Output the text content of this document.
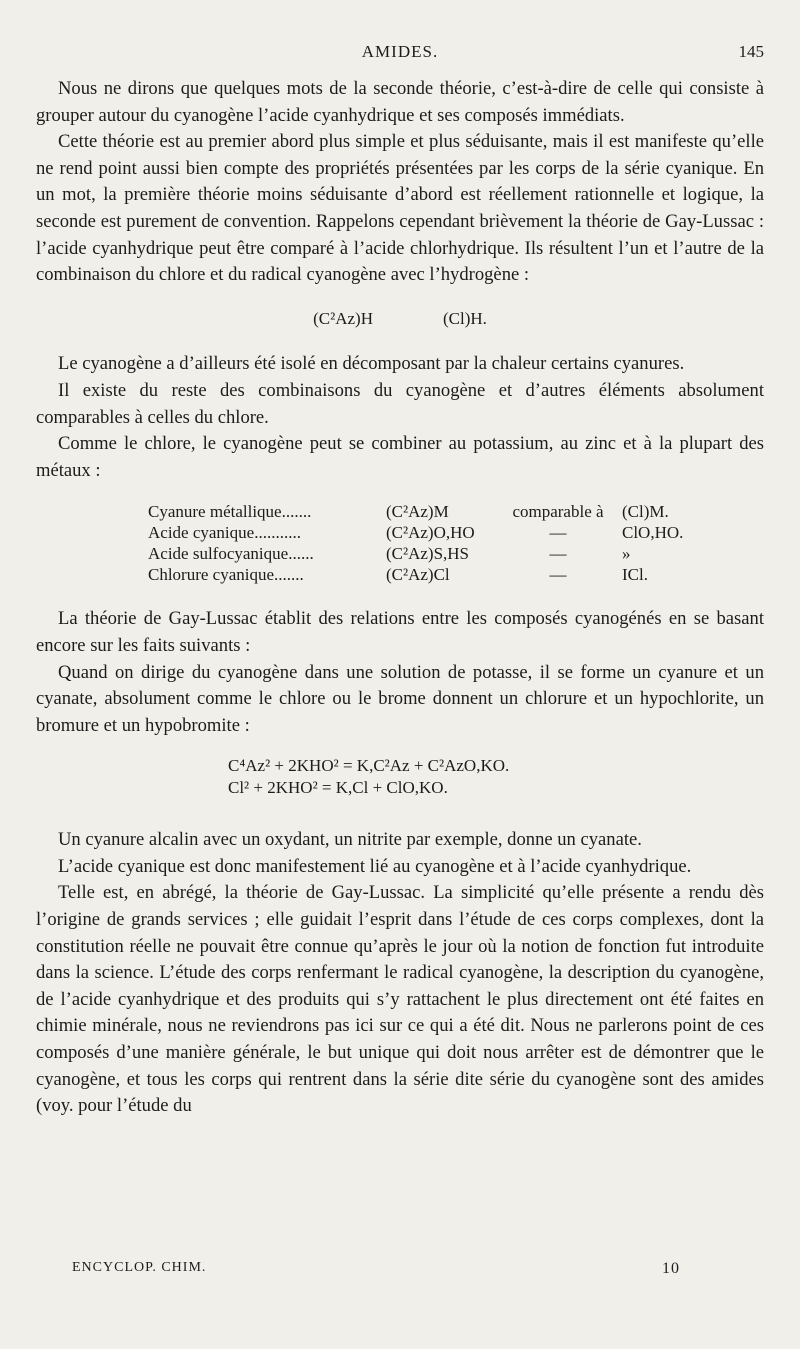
AMIDES.	145

Nous ne dirons que quelques mots de la seconde théorie, c’est-à-dire de celle qui consiste à grouper autour du cyanogène l’acide cyanhydrique et ses composés immédiats.

Cette théorie est au premier abord plus simple et plus séduisante, mais il est manifeste qu’elle ne rend point aussi bien compte des propriétés présentées par les corps de la série cyanique. En un mot, la première théorie moins séduisante d’abord est réellement rationnelle et logique, la seconde est purement de convention. Rappelons cependant brièvement la théorie de Gay-Lussac : l’acide cyanhydrique peut être comparé à l’acide chlorhydrique. Ils résultent l’un et l’autre de la combinaison du chlore et du radical cyanogène avec l’hydrogène :

(C²Az)H	(Cl)H.

Le cyanogène a d’ailleurs été isolé en décomposant par la chaleur certains cyanures.

Il existe du reste des combinaisons du cyanogène et d’autres éléments absolument comparables à celles du chlore.

Comme le chlore, le cyanogène peut se combiner au potassium, au zinc et à la plupart des métaux :

Cyanure métallique.......	(C²Az)M	comparable à	(Cl)M.
Acide cyanique...........	(C²Az)O,HO	—	ClO,HO.
Acide sulfocyanique......	(C²Az)S,HS	—	»
Chlorure cyanique.......	(C²Az)Cl	—	ICl.

La théorie de Gay-Lussac établit des relations entre les composés cyanogénés en se basant encore sur les faits suivants :

Quand on dirige du cyanogène dans une solution de potasse, il se forme un cyanure et un cyanate, absolument comme le chlore ou le brome donnent un chlorure et un hypochlorite, un bromure et un hypobromite :

C⁴Az² + 2KHO² = K,C²Az + C²AzO,KO.
Cl² + 2KHO² = K,Cl + ClO,KO.

Un cyanure alcalin avec un oxydant, un nitrite par exemple, donne un cyanate.

L’acide cyanique est donc manifestement lié au cyanogène et à l’acide cyanhydrique.

Telle est, en abrégé, la théorie de Gay-Lussac. La simplicité qu’elle présente a rendu dès l’origine de grands services ; elle guidait l’esprit dans l’étude de ces corps complexes, dont la constitution réelle ne pouvait être connue qu’après le jour où la notion de fonction fut introduite dans la science. L’étude des corps renfermant le radical cyanogène, la description du cyanogène, de l’acide cyanhydrique et des produits qui s’y rattachent le plus directement ont été faites en chimie minérale, nous ne reviendrons pas ici sur ce qui a été dit. Nous ne parlerons point de ces composés d’une manière générale, le but unique qui doit nous arrêter est de démontrer que le cyanogène, et tous les corps qui rentrent dans la série dite série du cyanogène sont des amides (voy. pour l’étude du

ENCYCLOP. CHIM.	10
